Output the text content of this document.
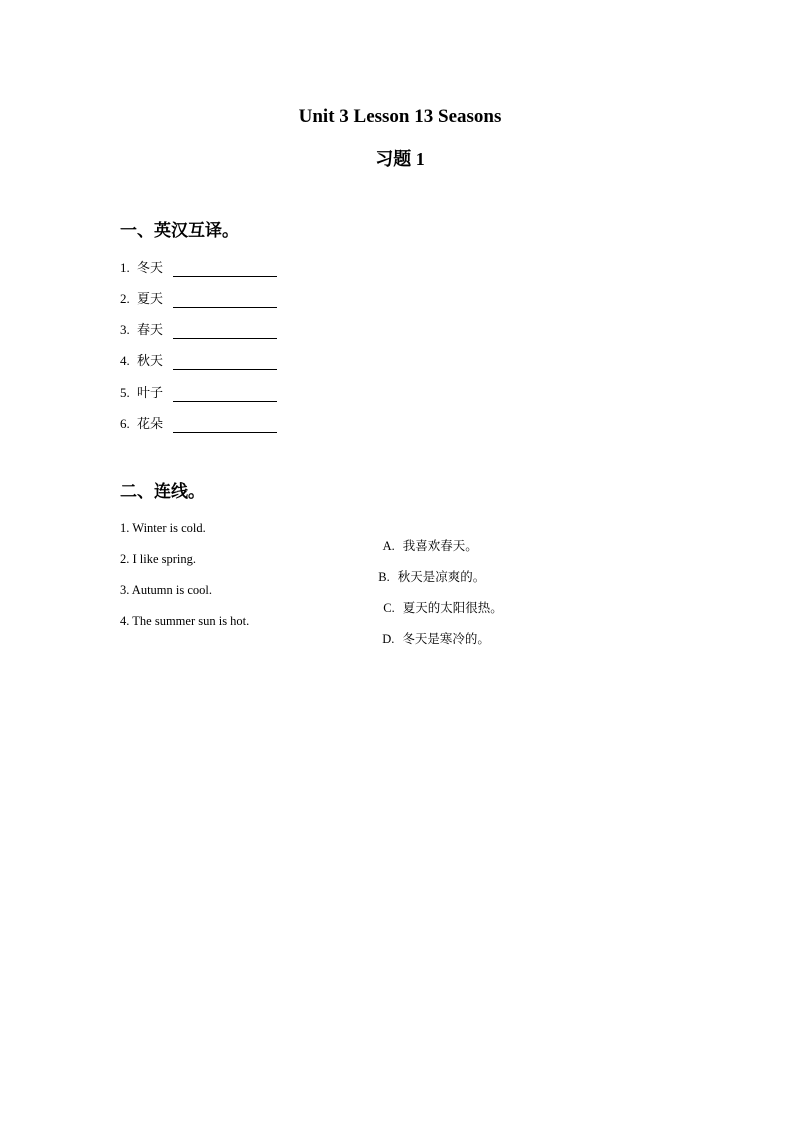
Unit 3 Lesson 13 Seasons
习题 1
一、英汉互译。
1. 冬天
2. 夏天
3. 春天
4. 秋天
5. 叶子
6. 花朵
二、连线。
1. Winter is cold.
2. I like spring.
3. Autumn is cool.
4. The summer sun is hot.

A. 我喜欢春天。

B. 秋天是凉爽的。

C. 夏天的太阳很热。

D. 冬天是寒冷的。
